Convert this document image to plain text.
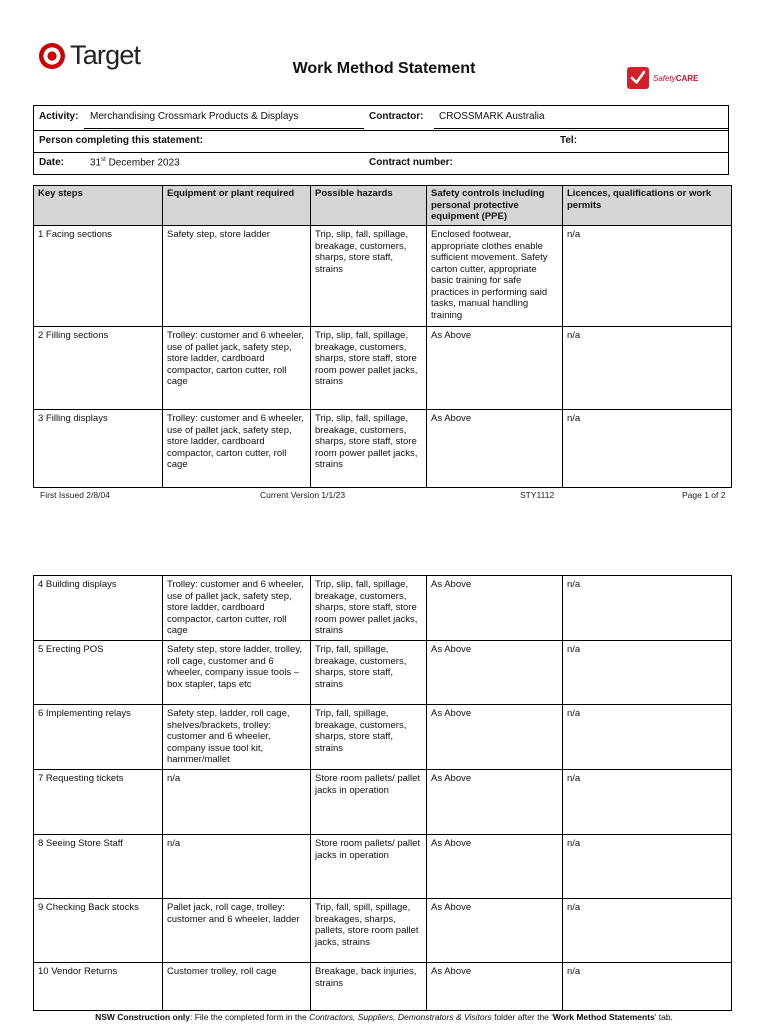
Target	Work Method Statement
SafetyCARE
Activity: Merchandising Crossmark Products & Displays	Contractor: CROSSMARK Australia
Person completing this statement:	Tel:
Date:	31st December 2023	Contract number:
Key steps	Equipment or plant required	Possible hazards	Safety controls including personal protective equipment (PPE)	Licences, qualifications or work permits
1 Facing sections	Safety step, store ladder	Trip, slip, fall, spillage, breakage, customers, sharps, store staff, strains	Enclosed footwear, appropriate clothes enable sufficient movement. Safety carton cutter, appropriate basic training for safe practices in performing said tasks, manual handling training	n/a
2 Filling sections	Trolley: customer and 6 wheeler, use of pallet jack, safety step, store ladder, cardboard compactor, carton cutter, roll cage	Trip, slip, fall, spillage, breakage, customers, sharps, store staff, store room power pallet jacks, strains	As Above	n/a
3 Filling displays	Trolley: customer and 6 wheeler, use of pallet jack, safety step, store ladder, cardboard compactor, carton cutter, roll cage	Trip, slip, fall, spillage, breakage, customers, sharps, store staff, store room power pallet jacks, strains	As Above	n/a
First Issued 2/8/04	Current Version 1/1/23	STY1112	Page 1 of 2
4 Building displays	Trolley: customer and 6 wheeler, use of pallet jack, safety step, store ladder, cardboard compactor, carton cutter, roll cage	Trip, slip, fall, spillage, breakage, customers, sharps, store staff, store room power pallet jacks, strains	As Above	n/a
5 Erecting POS	Safety step, store ladder, trolley, roll cage, customer and 6 wheeler, company issue tools – box stapler, taps etc	Trip, fall, spillage, breakage, customers, sharps, store staff, strains	As Above	n/a
6 Implementing relays	Safety step, ladder, roll cage, shelves/brackets, trolley: customer and 6 wheeler, company issue tool kit, hammer/mallet	Trip, fall, spillage, breakage, customers, sharps, store staff, strains	As Above	n/a
7 Requesting tickets	n/a	Store room pallets/ pallet jacks in operation	As Above	n/a
8 Seeing Store Staff	n/a	Store room pallets/ pallet jacks in operation	As Above	n/a
9 Checking Back stocks	Pallet jack, roll cage, trolley: customer and 6 wheeler, ladder	Trip, fall, spill, spillage, breakages, sharps, pallets, store room pallet jacks, strains	As Above	n/a
10 Vendor Returns	Customer trolley, roll cage	Breakage, back injuries, strains	As Above	n/a
NSW Construction only: File the completed form in the Contractors, Suppliers, Demonstrators & Visitors folder after the 'Work Method Statements' tab.
